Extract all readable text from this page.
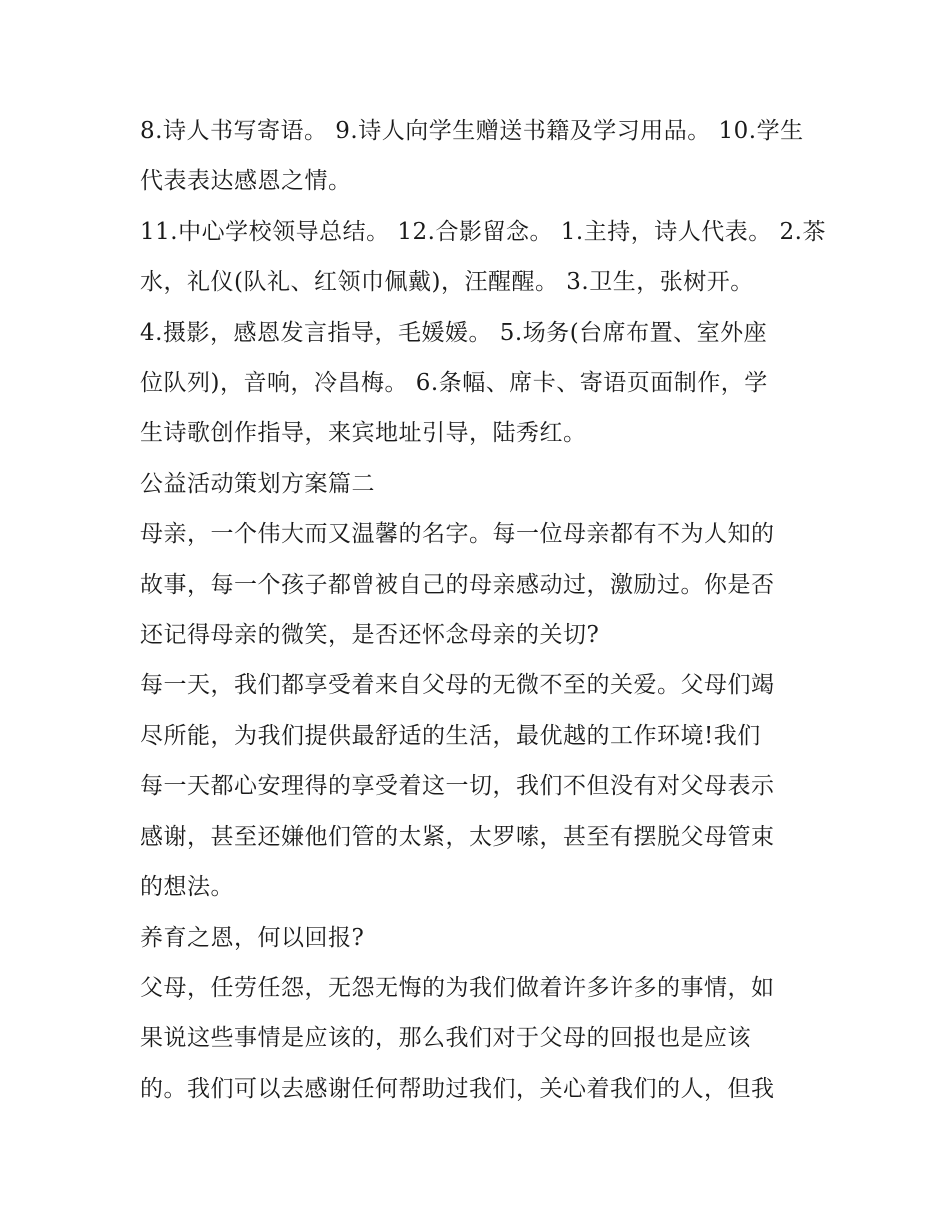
8.诗人书写寄语。 9.诗人向学生赠送书籍及学习用品。 10.学生

代表表达感恩之情。

11.中心学校领导总结。 12.合影留念。 1.主持，诗人代表。 2.茶

水，礼仪(队礼、红领巾佩戴)，汪醒醒。 3.卫生，张树开。

4.摄影，感恩发言指导，毛媛媛。 5.场务(台席布置、室外座

位队列)，音响，冷昌梅。 6.条幅、席卡、寄语页面制作，学

生诗歌创作指导，来宾地址引导，陆秀红。

公益活动策划方案篇二

母亲，一个伟大而又温馨的名字。每一位母亲都有不为人知的

故事，每一个孩子都曾被自己的母亲感动过，激励过。你是否

还记得母亲的微笑，是否还怀念母亲的关切?

每一天，我们都享受着来自父母的无微不至的关爱。父母们竭

尽所能，为我们提供最舒适的生活，最优越的工作环境!我们

每一天都心安理得的享受着这一切，我们不但没有对父母表示

感谢，甚至还嫌他们管的太紧，太罗嗦，甚至有摆脱父母管束

的想法。

养育之恩，何以回报?

父母，任劳任怨，无怨无悔的为我们做着许多许多的事情，如

果说这些事情是应该的，那么我们对于父母的回报也是应该

的。我们可以去感谢任何帮助过我们，关心着我们的人，但我
